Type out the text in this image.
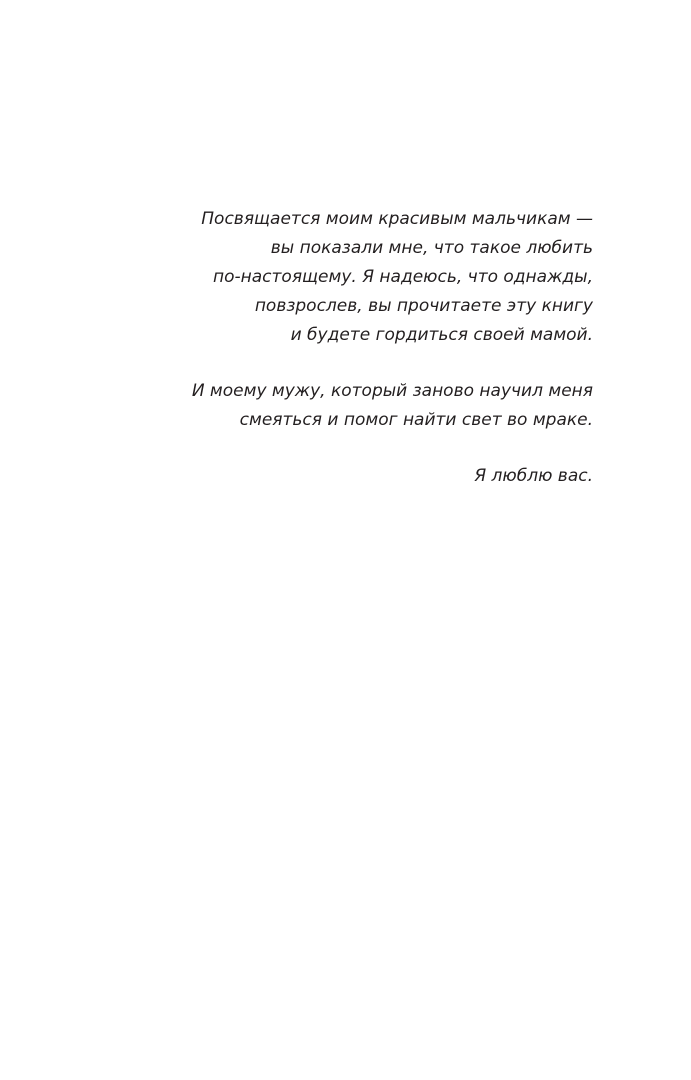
Посвящается моим красивым мальчикам —
вы показали мне, что такое любить
по-настоящему. Я надеюсь, что однажды,
повзрослев, вы прочитаете эту книгу
и будете гордиться своей мамой.

И моему мужу, который заново научил меня
смеяться и помог найти свет во мраке.

Я люблю вас.
